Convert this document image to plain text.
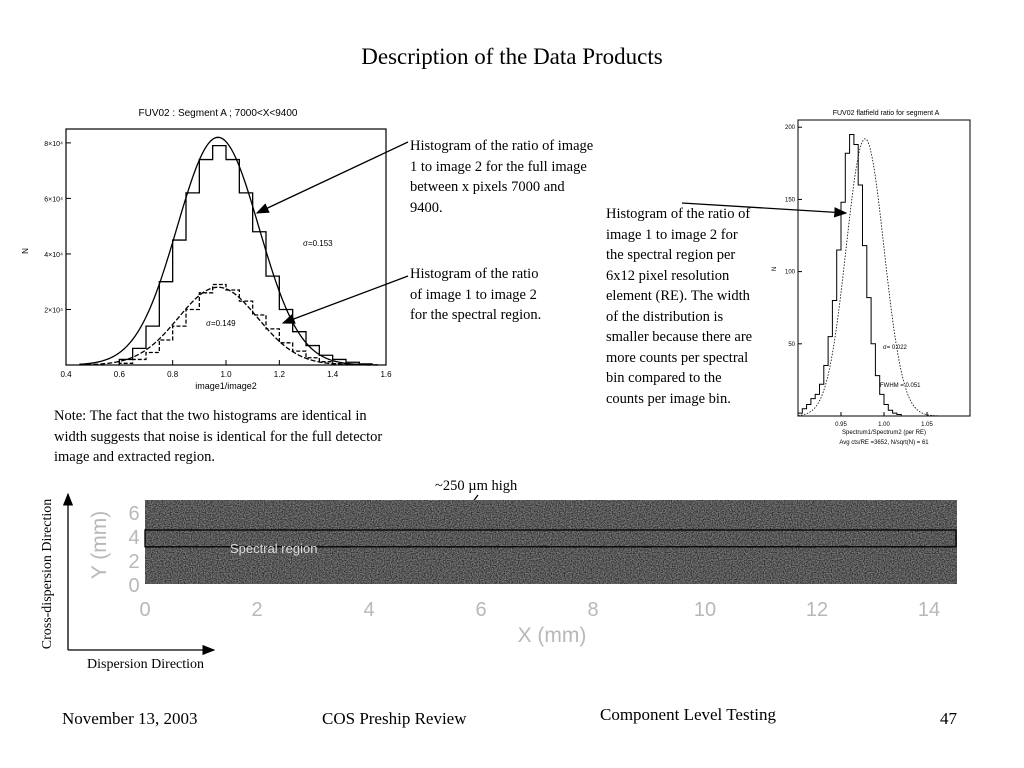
Description of the Data Products
FUV02 : Segment A ; 7000<X<9400
0.4	0.6	0.8	1.0	1.2	1.4	1.6
2×10⁴
4×10⁴
6×10⁴
8×10⁴
image1/image2
N
σ=0.153
σ=0.149
FUV02 flatfield ratio for segment A
0.95	1.00	1.05
50
100
150
200
N
Spectrum1/Spectrum2 (per RE)
Avg cts/RE =3652, N/sqrt(N) = 61
σ= 0.022
FWHM = 0.051
Histogram of the ratio of image 1 to image 2 for the full image between x pixels 7000 and 9400.
Histogram of the ratio of image 1 to image 2 for the spectral region.
Histogram of the ratio of image 1 to image 2 for the spectral region per 6x12 pixel resolution element (RE). The width of the distribution is smaller because there are more counts per spectral bin compared to the counts per image bin.
Note: The fact that the two histograms are identical in width suggests that noise is identical for the full detector image and extracted region.
Spectral region
0	2	4	6	8	10	12	14
0
2
4
6
X (mm)
Y (mm)
~250 µm high
Cross-dispersion Direction
Dispersion Direction
November 13, 2003	COS Preship Review	Component Level Testing	47
